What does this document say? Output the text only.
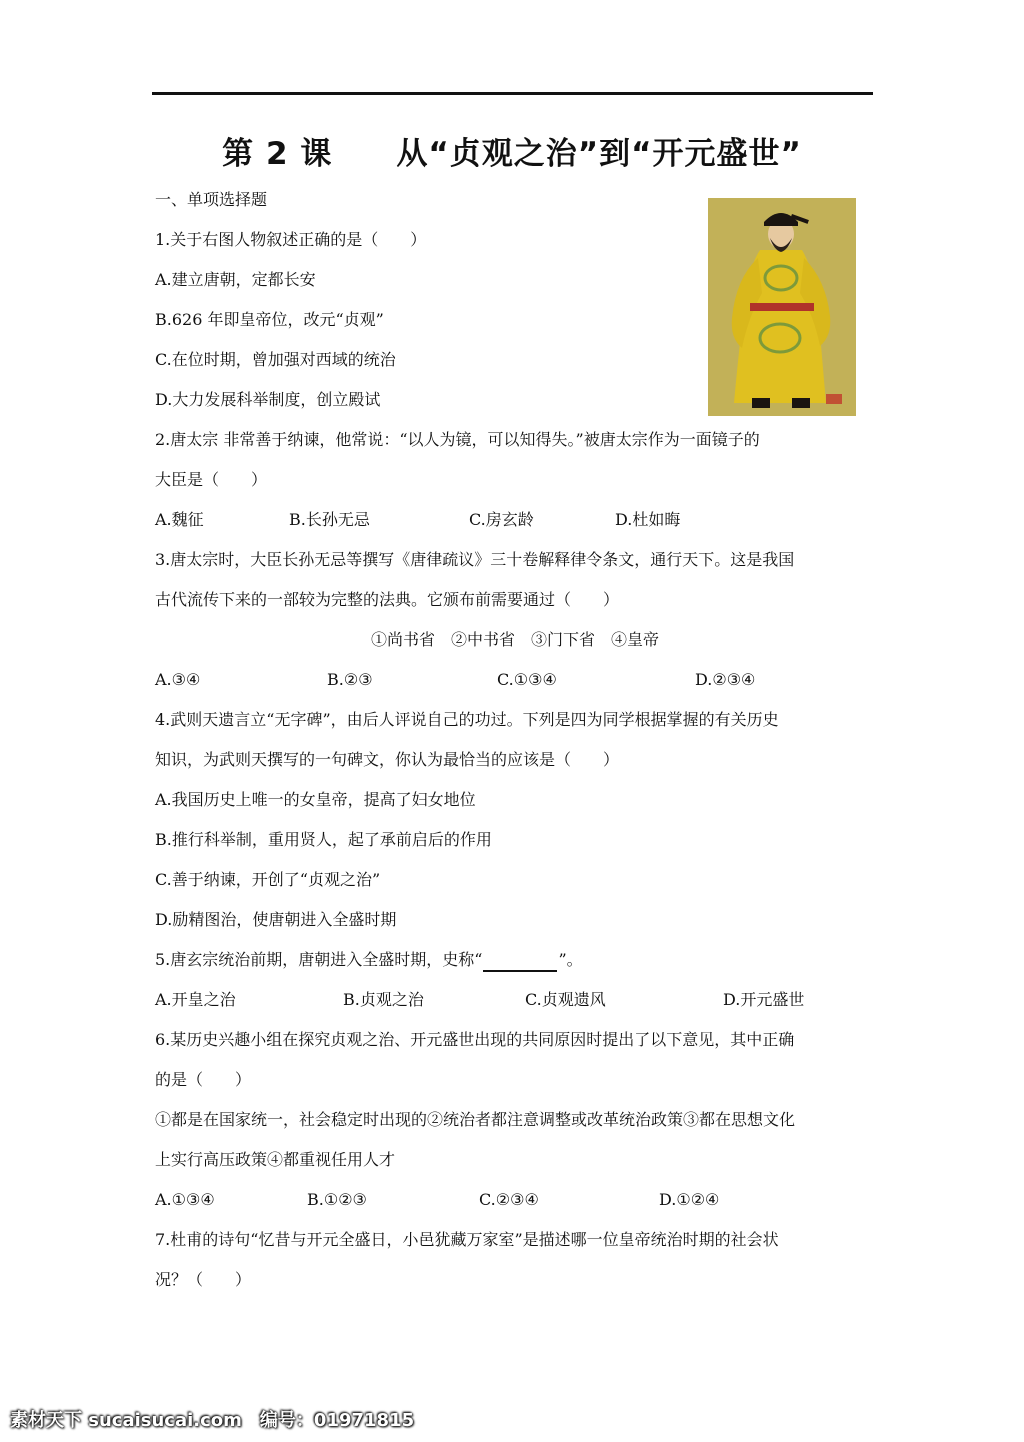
第 2 课　　从“贞观之治”到“开元盛世”
一、单项选择题
1.关于右图人物叙述正确的是（　　）
A.建立唐朝，定都长安
B.626 年即皇帝位，改元“贞观”
C.在位时期，曾加强对西域的统治
D.大力发展科举制度，创立殿试
2.唐太宗 非常善于纳谏，他常说：“以人为镜，可以知得失。”被唐太宗作为一面镜子的
大臣是（　　）
A.魏征	B.长孙无忌	C.房玄龄	D.杜如晦
3.唐太宗时，大臣长孙无忌等撰写《唐律疏议》三十卷解释律令条文，通行天下。这是我国
古代流传下来的一部较为完整的法典。它颁布前需要通过（　　）
①尚书省　②中书省　③门下省　④皇帝
A.③④	B.②③	C.①③④	D.②③④
4.武则天遗言立“无字碑”，由后人评说自己的功过。下列是四为同学根据掌握的有关历史
知识，为武则天撰写的一句碑文，你认为最恰当的应该是（　　）
A.我国历史上唯一的女皇帝，提高了妇女地位
B.推行科举制，重用贤人，起了承前启后的作用
C.善于纳谏，开创了“贞观之治”
D.励精图治，使唐朝进入全盛时期
5.唐玄宗统治前期，唐朝进入全盛时期，史称“	”。
A.开皇之治	B.贞观之治	C.贞观遗风	D.开元盛世
6.某历史兴趣小组在探究贞观之治、开元盛世出现的共同原因时提出了以下意见，其中正确
的是（　　）
①都是在国家统一，社会稳定时出现的②统治者都注意调整或改革统治政策③都在思想文化
上实行高压政策④都重视任用人才
A.①③④	B.①②③	C.②③④	D.①②④
7.杜甫的诗句“忆昔与开元全盛日，小邑犹藏万家室”是描述哪一位皇帝统治时期的社会状
况？（　　）
素材天下 sucaisucai.com　编号：01971815
